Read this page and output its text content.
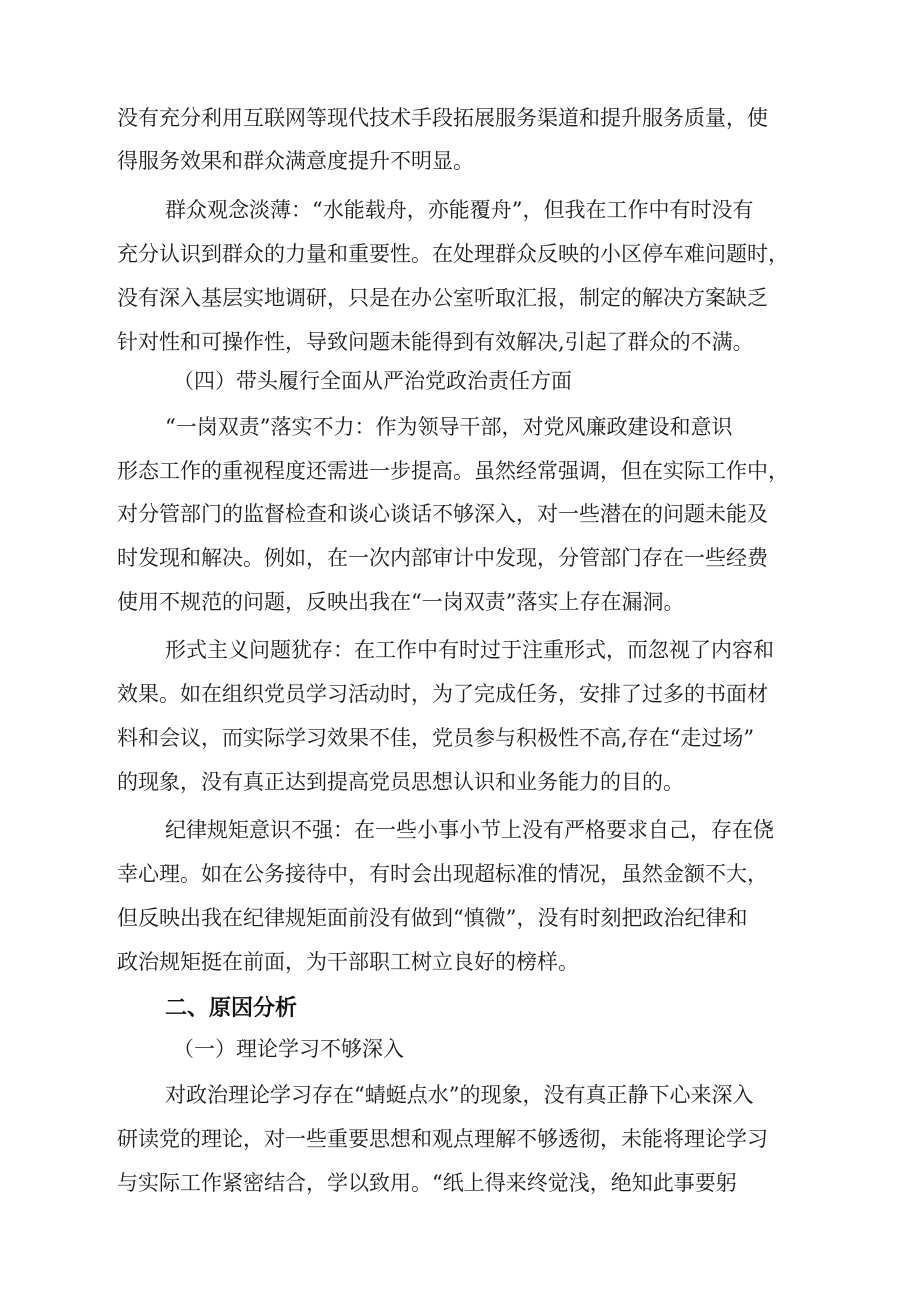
没有充分利用互联网等现代技术手段拓展服务渠道和提升服务质量，使

得服务效果和群众满意度提升不明显。

群众观念淡薄：“水能载舟，亦能覆舟”，但我在工作中有时没有

充分认识到群众的力量和重要性。在处理群众反映的小区停车难问题时，

没有深入基层实地调研，只是在办公室听取汇报，制定的解决方案缺乏

针对性和可操作性，导致问题未能得到有效解决,引起了群众的不满。

（四）带头履行全面从严治党政治责任方面

“一岗双责”落实不力：作为领导干部，对党风廉政建设和意识

形态工作的重视程度还需进一步提高。虽然经常强调，但在实际工作中，

对分管部门的监督检查和谈心谈话不够深入，对一些潜在的问题未能及

时发现和解决。例如，在一次内部审计中发现，分管部门存在一些经费

使用不规范的问题，反映出我在“一岗双责”落实上存在漏洞。

形式主义问题犹存：在工作中有时过于注重形式，而忽视了内容和

效果。如在组织党员学习活动时，为了完成任务，安排了过多的书面材

料和会议，而实际学习效果不佳，党员参与积极性不高,存在“走过场”

的现象，没有真正达到提高党员思想认识和业务能力的目的。

纪律规矩意识不强：在一些小事小节上没有严格要求自己，存在侥

幸心理。如在公务接待中，有时会出现超标准的情况，虽然金额不大，

但反映出我在纪律规矩面前没有做到“慎微”，没有时刻把政治纪律和

政治规矩挺在前面，为干部职工树立良好的榜样。

二、原因分析

（一）理论学习不够深入

对政治理论学习存在“蜻蜓点水”的现象，没有真正静下心来深入

研读党的理论，对一些重要思想和观点理解不够透彻，未能将理论学习

与实际工作紧密结合，学以致用。“纸上得来终觉浅，绝知此事要躬
